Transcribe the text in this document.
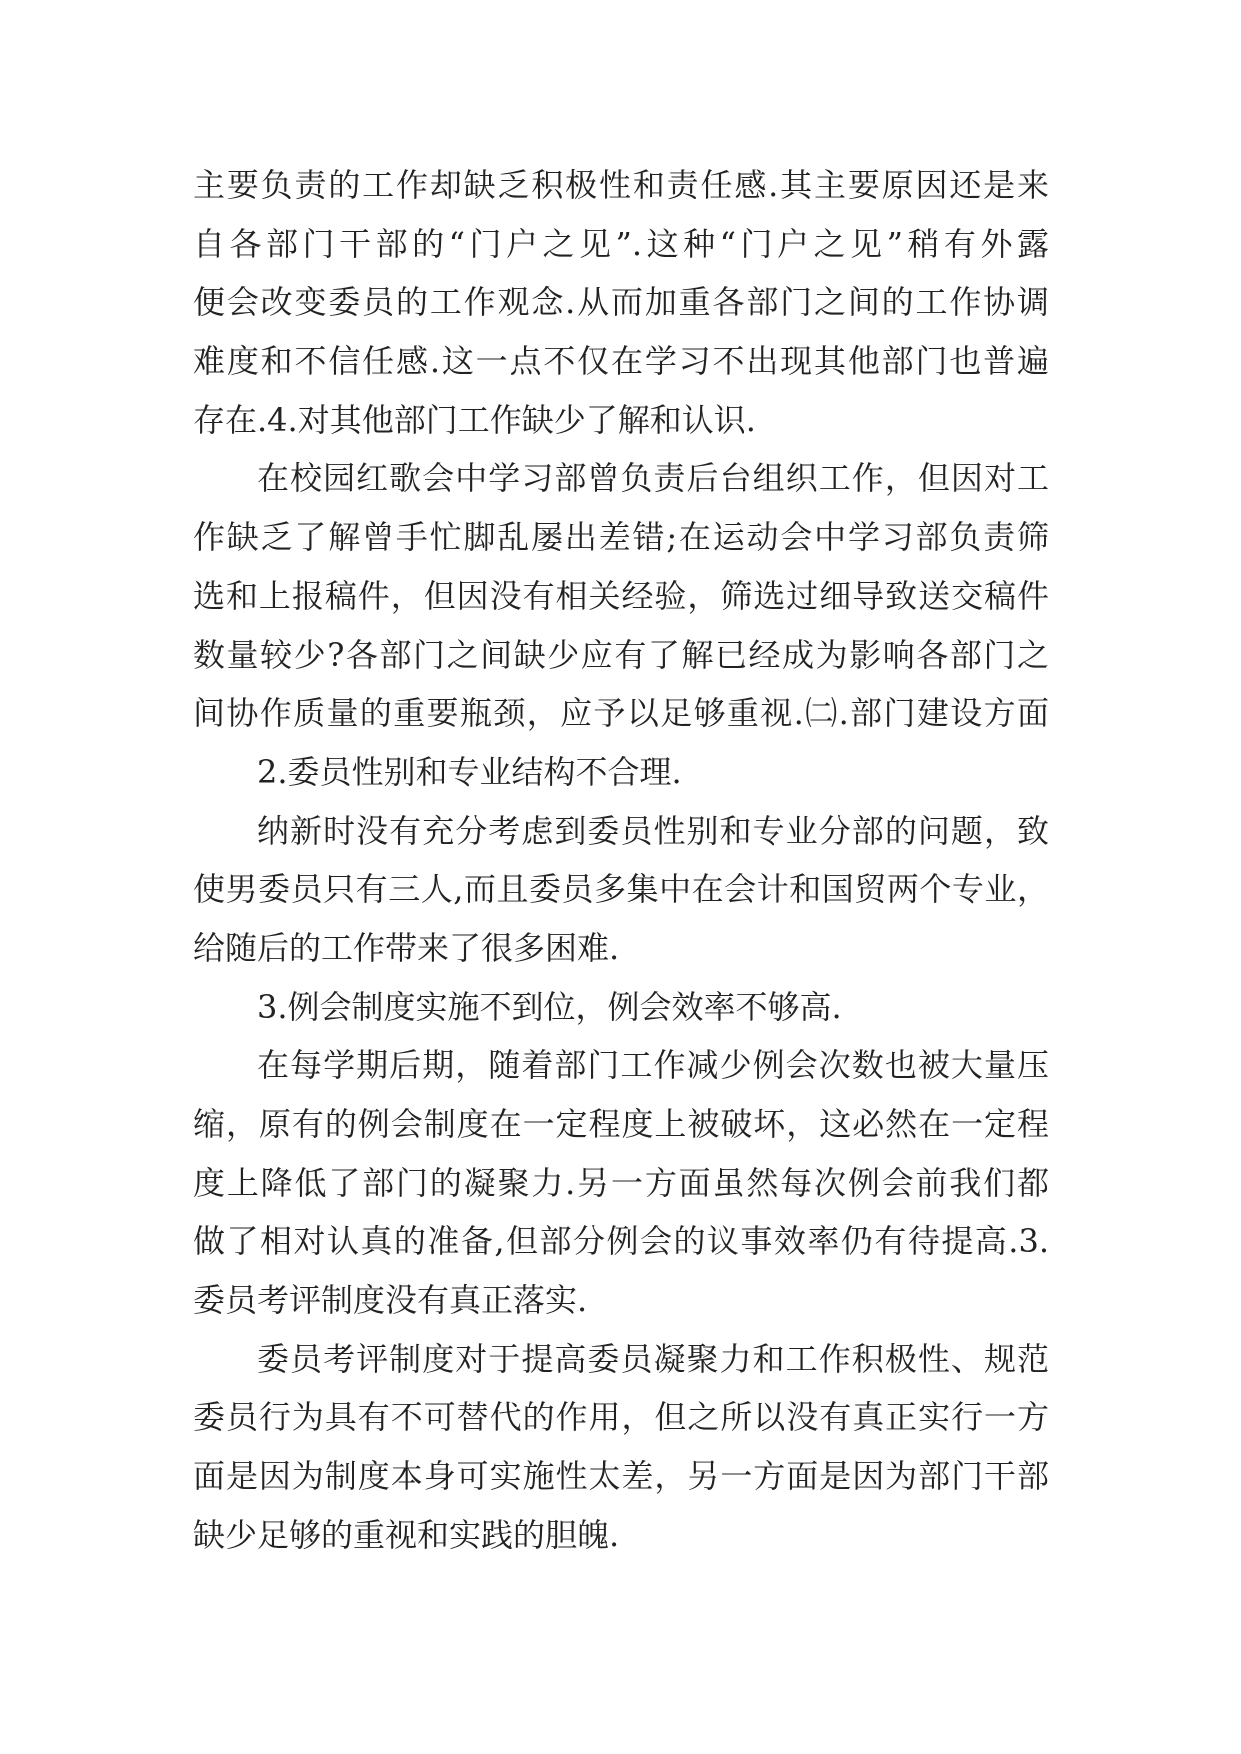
主要负责的工作却缺乏积极性和责任感.其主要原因还是来
自各部门干部的“门户之见”.这种“门户之见”稍有外露
便会改变委员的工作观念.从而加重各部门之间的工作协调
难度和不信任感.这一点不仅在学习不出现其他部门也普遍
存在.4.对其他部门工作缺少了解和认识.
在校园红歌会中学习部曾负责后台组织工作，但因对工
作缺乏了解曾手忙脚乱屡出差错;在运动会中学习部负责筛
选和上报稿件，但因没有相关经验，筛选过细导致送交稿件
数量较少?各部门之间缺少应有了解已经成为影响各部门之
间协作质量的重要瓶颈，应予以足够重视.㈡.部门建设方面
2.委员性别和专业结构不合理.
纳新时没有充分考虑到委员性别和专业分部的问题，致
使男委员只有三人,而且委员多集中在会计和国贸两个专业，
给随后的工作带来了很多困难.
3.例会制度实施不到位，例会效率不够高.
在每学期后期，随着部门工作减少例会次数也被大量压
缩，原有的例会制度在一定程度上被破坏，这必然在一定程
度上降低了部门的凝聚力.另一方面虽然每次例会前我们都
做了相对认真的准备,但部分例会的议事效率仍有待提高.3.
委员考评制度没有真正落实.
委员考评制度对于提高委员凝聚力和工作积极性、规范
委员行为具有不可替代的作用，但之所以没有真正实行一方
面是因为制度本身可实施性太差，另一方面是因为部门干部
缺少足够的重视和实践的胆魄.
